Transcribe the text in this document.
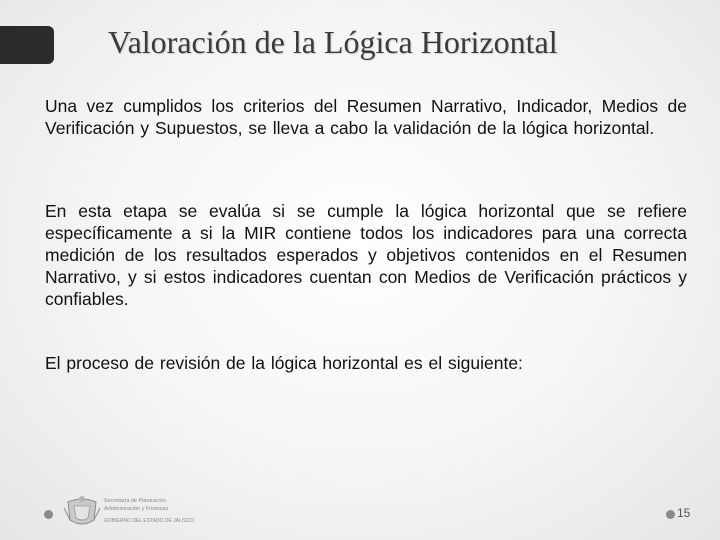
Valoración de la Lógica Horizontal

Una vez cumplidos los criterios del Resumen Narrativo, Indicador, Medios de Verificación y Supuestos, se lleva a cabo la validación de la lógica horizontal.

En esta etapa se evalúa si se cumple la lógica horizontal que se refiere específicamente a si la MIR contiene todos los indicadores para una correcta medición de los resultados esperados y objetivos contenidos en el Resumen Narrativo, y si estos indicadores cuentan con Medios de Verificación prácticos y confiables.

El proceso de revisión de la lógica horizontal es el siguiente:

Secretaría de Planeación
Administración y Finanzas
GOBIERNO DEL ESTADO DE JALISCO
15
